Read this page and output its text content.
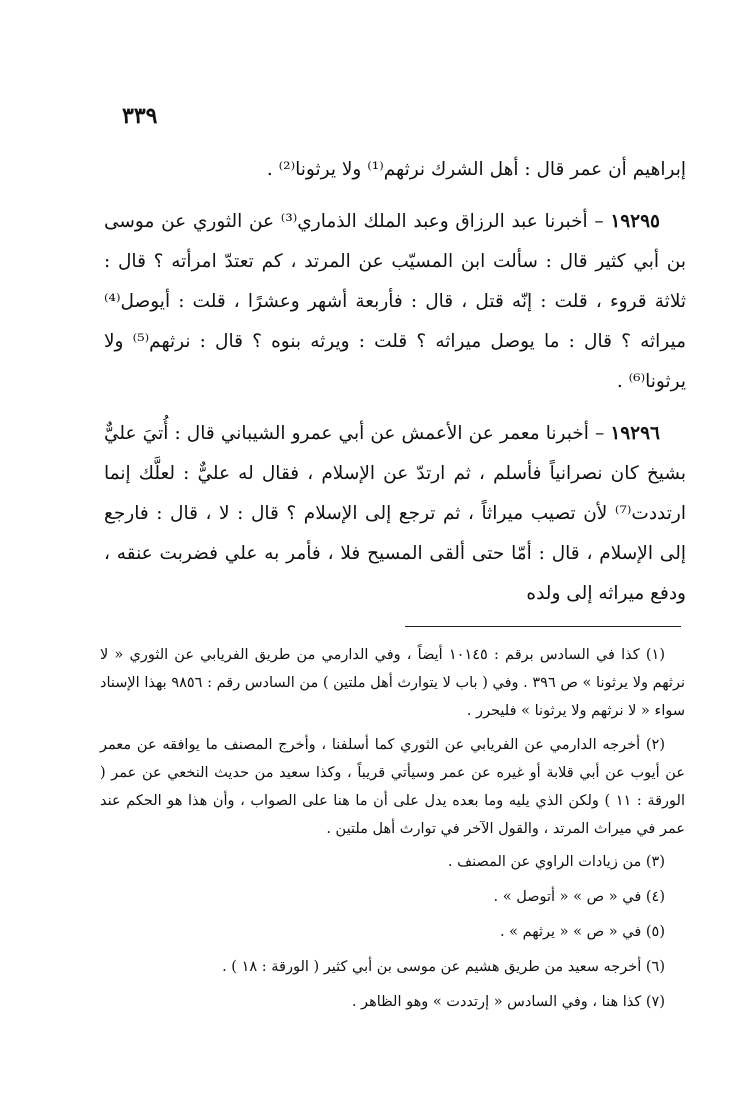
٣٣٩

إبراهيم أن عمر قال : أهل الشرك نرثهم⁽¹⁾ ولا يرثونا⁽²⁾ .

١٩٢٩٥ – أخبرنا عبد الرزاق وعبد الملك الذماري⁽³⁾ عن الثوري عن موسى بن أبي كثير قال : سألت ابن المسيّب عن المرتد ، كم تعتدّ امرأته ؟ قال : ثلاثة قروء ، قلت : إنّه قتل ، قال : فأربعة أشهر وعشرًا ، قلت : أيوصل⁽⁴⁾ ميراثه ؟ قال : ما يوصل ميراثه ؟ قلت : ويرثه بنوه ؟ قال : نرثهم⁽⁵⁾ ولا يرثونا⁽⁶⁾ .

١٩٢٩٦ – أخبرنا معمر عن الأعمش عن أبي عمرو الشيباني قال : أُتيَ عليٌّ بشيخ كان نصرانياً فأسلم ، ثم ارتدّ عن الإسلام ، فقال له عليٌّ : لعلَّك إنما ارتددت⁽⁷⁾ لأن تصيب ميراثاً ، ثم ترجع إلى الإسلام ؟ قال : لا ، قال : فارجع إلى الإسلام ، قال : أمّا حتى ألقى المسيح فلا ، فأمر به علي فضربت عنقه ، ودفع ميراثه إلى ولده

(١) كذا في السادس برقم : ١٠١٤٥ أيضاً ، وفي الدارمي من طريق الفريابي عن الثوري « لا نرثهم ولا يرثونا » ص ٣٩٦ . وفي ( باب لا يتوارث أهل ملتين ) من السادس رقم : ٩٨٥٦ بهذا الإسناد سواء « لا نرثهم ولا يرثونا » فليحرر .

(٢) أخرجه الدارمي عن الفريابي عن الثوري كما أسلفنا ، وأخرج المصنف ما يوافقه عن معمر عن أيوب عن أبي قلابة أو غيره عن عمر وسيأتي قريباً ، وكذا سعيد من حديث النخعي عن عمر ( الورقة : ١١ ) ولكن الذي يليه وما بعده يدل على أن ما هنا على الصواب ، وأن هذا هو الحكم عند عمر في ميراث المرتد ، والقول الآخر في توارث أهل ملتين .

(٣) من زيادات الراوي عن المصنف .

(٤) في « ص » « أتوصل » .

(٥) في « ص » « يرثهم » .

(٦) أخرجه سعيد من طريق هشيم عن موسى بن أبي كثير ( الورقة : ١٨ ) .

(٧) كذا هنا ، وفي السادس « إرتددت » وهو الظاهر .
